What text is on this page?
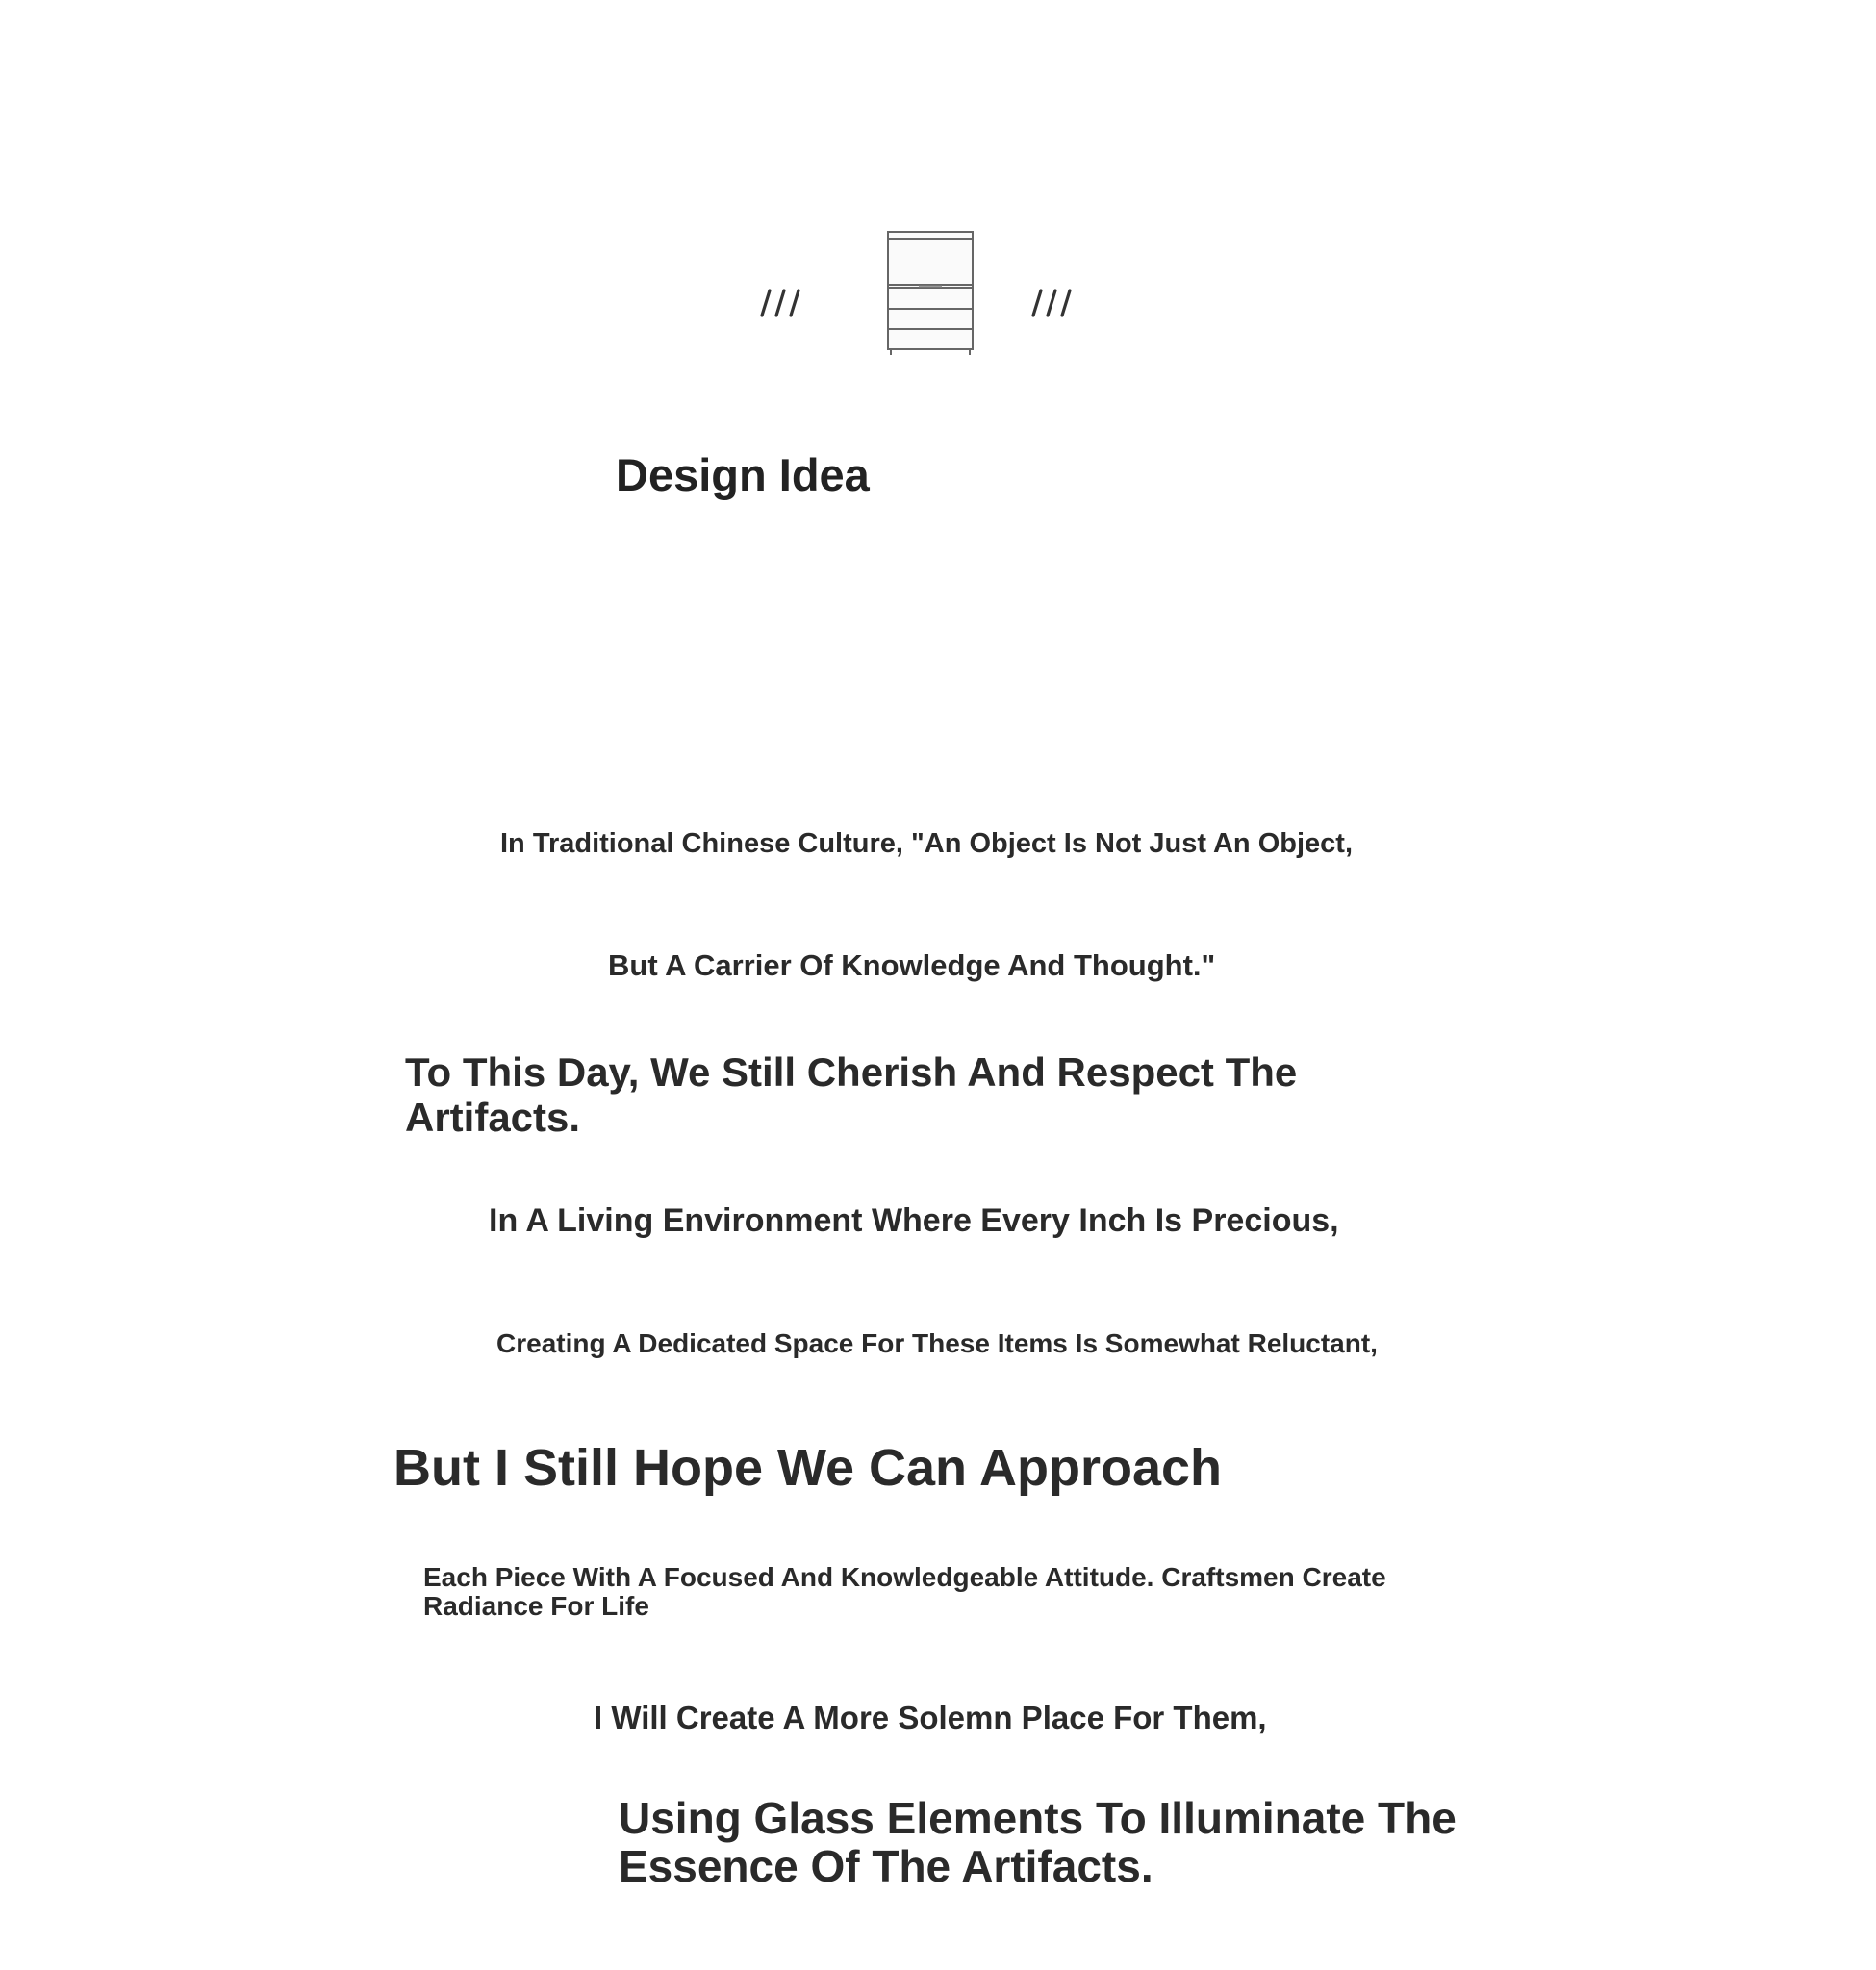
Design Idea

In Traditional Chinese Culture, "An Object Is Not Just An Object,

But A Carrier Of Knowledge And Thought."

To This Day, We Still Cherish And Respect The Artifacts.

In A Living Environment Where Every Inch Is Precious,

Creating A Dedicated Space For These Items Is Somewhat Reluctant,

But I Still Hope We Can Approach

Each Piece With A Focused And Knowledgeable Attitude. Craftsmen Create Radiance For Life

I Will Create A More Solemn Place For Them,

Using Glass Elements To Illuminate The Essence Of The Artifacts.
